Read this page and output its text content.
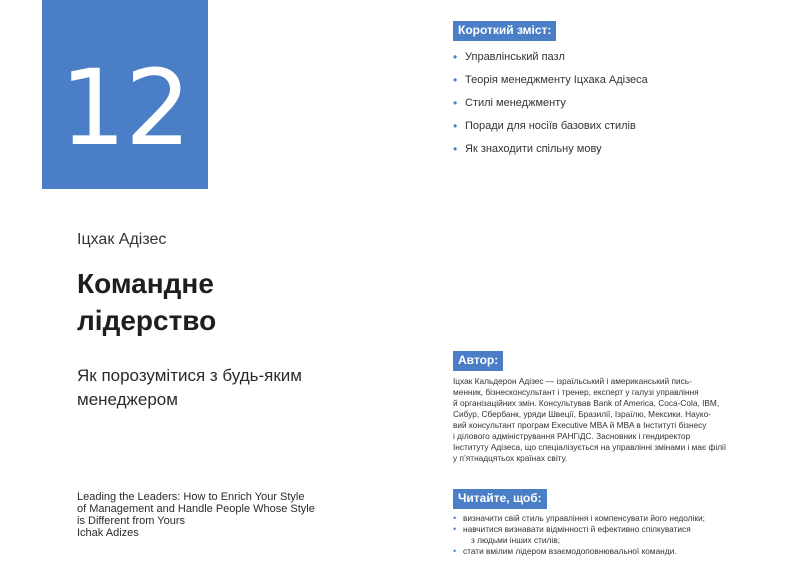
12
Іцхак Адізес
Командне
лідерство
Як порозумітися з будь-яким
менеджером
Leading the Leaders: How to Enrich Your Style
of Management and Handle People Whose Style
is Different from Yours
Ichak Adizes
Короткий зміст:
• Управлінський пазл
• Теорія менеджменту Іцхака Адізеса
• Стилі менеджменту
• Поради для носіїв базових стилів
• Як знаходити спільну мову
Автор:
Іцхак Кальдерон Адізес — ізраїльський і американський пись-
менник, бізнесконсультант і тренер, експерт у галузі управління
й організаційних змін. Консультував Bank of America, Coca-Cola, IBM,
Сибур, Сбербанк, уряди Швеції, Бразилії, Ізраїлю, Мексики. Науко-
вий консультант програм Executive MBA й MBA в Інституті бізнесу
і ділового адміністрування РАНГіДС. Засновник і гендиректор
Інституту Адізеса, що спеціалізується на управлінні змінами і має філії
у п’ятнадцятьох країнах світу.
Читайте, щоб:
• визначити свій стиль управління і компенсувати його недоліки;
• навчитися визнавати відмінності й ефективно спілкуватися
з людьми інших стилів;
• стати вмілим лідером взаємодоповнювальної команди.
